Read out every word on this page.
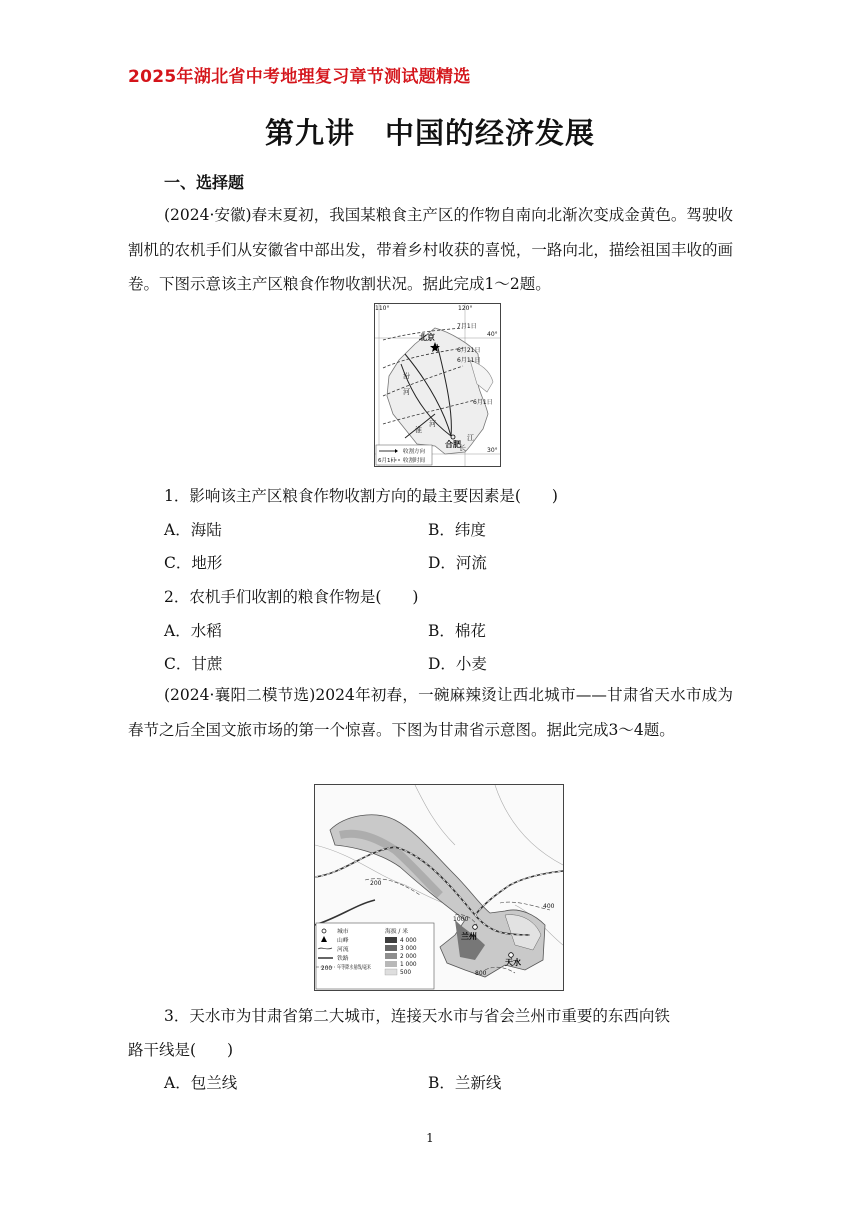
2025年湖北省中考地理复习章节测试题精选
第九讲　中国的经济发展
一、选择题
(2024·安徽)春末夏初，我国某粮食主产区的作物自南向北渐次变成金黄色。驾驶收割机的农机手们从安徽省中部出发，带着乡村收获的喜悦，一路向北，描绘祖国丰收的画卷。下图示意该主产区粮食作物收割状况。据此完成1～2题。
110°	120°
40°
30°
7月1日
6月21日
6月11日
6月1日
北京
合肥
汾
河
淮
河
江
长
收割方向
6月1日 收割时间
1．影响该主产区粮食作物收割方向的最主要因素是(　　)
A．海陆	B．纬度
C．地形	D．河流
2．农机手们收割的粮食作物是(　　)
A．水稻	B．棉花
C．甘蔗	D．小麦
(2024·襄阳二模节选)2024年初春，一碗麻辣烫让西北城市——甘肃省天水市成为春节之后全国文旅市场的第一个惊喜。下图为甘肃省示意图。据此完成3～4题。
200
400
800
1000
兰州
天水
城市
山峰
河流
铁路
200 年等降水量线/毫米
海拔 / 米
4 000
3 000
2 000
1 000
500
3．天水市为甘肃省第二大城市，连接天水市与省会兰州市重要的东西向铁
路干线是(　　)
A．包兰线	B．兰新线
1
